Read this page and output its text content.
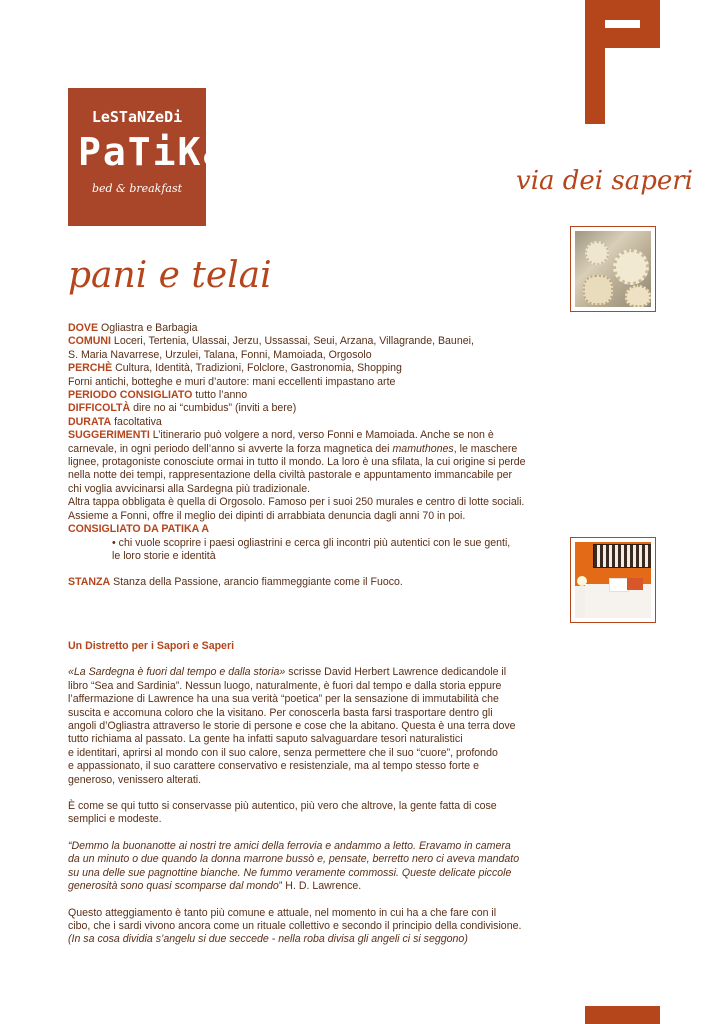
LeSTaNZeDi
PaTiKa
bed & breakfast	via dei saperi
pani e telai

DOVE Ogliastra e Barbagia

COMUNI Loceri, Tertenia, Ulassai, Jerzu, Ussassai, Seui, Arzana, Villagrande, Baunei,

S. Maria Navarrese, Urzulei, Talana, Fonni, Mamoiada, Orgosolo

PERCHÈ Cultura, Identità, Tradizioni, Folclore, Gastronomia, Shopping

Forni antichi, botteghe e muri d’autore: mani eccellenti impastano arte

PERIODO CONSIGLIATO tutto l’anno

DIFFICOLTÀ dire no ai “cumbidus” (inviti a bere)

DURATA facoltativa

SUGGERIMENTI L’itinerario può volgere a nord, verso Fonni e Mamoiada. Anche se non è

carnevale, in ogni periodo dell’anno si avverte la forza magnetica dei mamuthones, le maschere

lignee, protagoniste conosciute ormai in tutto il mondo. La loro è una sfilata, la cui origine si perde

nella notte dei tempi, rappresentazione della civiltà pastorale e appuntamento immancabile per

chi voglia avvicinarsi alla Sardegna più tradizionale.

Altra tappa obbligata è quella di Orgosolo. Famoso per i suoi 250 murales e centro di lotte sociali.

Assieme a Fonni, offre il meglio dei dipinti di arrabbiata denuncia dagli anni 70 in poi.

CONSIGLIATO DA PATIKA A

• chi vuole scoprire i paesi ogliastrini e cerca gli incontri più autentici con le sue genti,

le loro storie e identità

STANZA Stanza della Passione, arancio fiammeggiante come il Fuoco.

Un Distretto per i Sapori e Saperi

«La Sardegna è fuori dal tempo e dalla storia» scrisse David Herbert Lawrence dedicandole il
libro “Sea and Sardinia”. Nessun luogo, naturalmente, è fuori dal tempo e dalla storia eppure
l’affermazione di Lawrence ha una sua verità “poetica” per la sensazione di immutabilità che
suscita e accomuna coloro che la visitano. Per conoscerla basta farsi trasportare dentro gli
angoli d’Ogliastra attraverso le storie di persone e cose che la abitano. Questa è una terra dove
tutto richiama al passato. La gente ha infatti saputo salvaguardare tesori naturalistici
e identitari, aprirsi al mondo con il suo calore, senza permettere che il suo “cuore”, profondo
e appassionato, il suo carattere conservativo e resistenziale, ma al tempo stesso forte e
generoso, venissero alterati.

È come se qui tutto si conservasse più autentico, più vero che altrove, la gente fatta di cose
semplici e modeste.

“Demmo la buonanotte ai nostri tre amici della ferrovia e andammo a letto. Eravamo in camera
da un minuto o due quando la donna marrone bussò e, pensate, berretto nero ci aveva mandato
su una delle sue pagnottine bianche. Ne fummo veramente commossi. Queste delicate piccole
generosità sono quasi scomparse dal mondo” H. D. Lawrence.

Questo atteggiamento è tanto più comune e attuale, nel momento in cui ha a che fare con il
cibo, che i sardi vivono ancora come un rituale collettivo e secondo il principio della condivisione.
(In sa cosa dividia s’angelu si due seccede - nella roba divisa gli angeli ci si seggono)
